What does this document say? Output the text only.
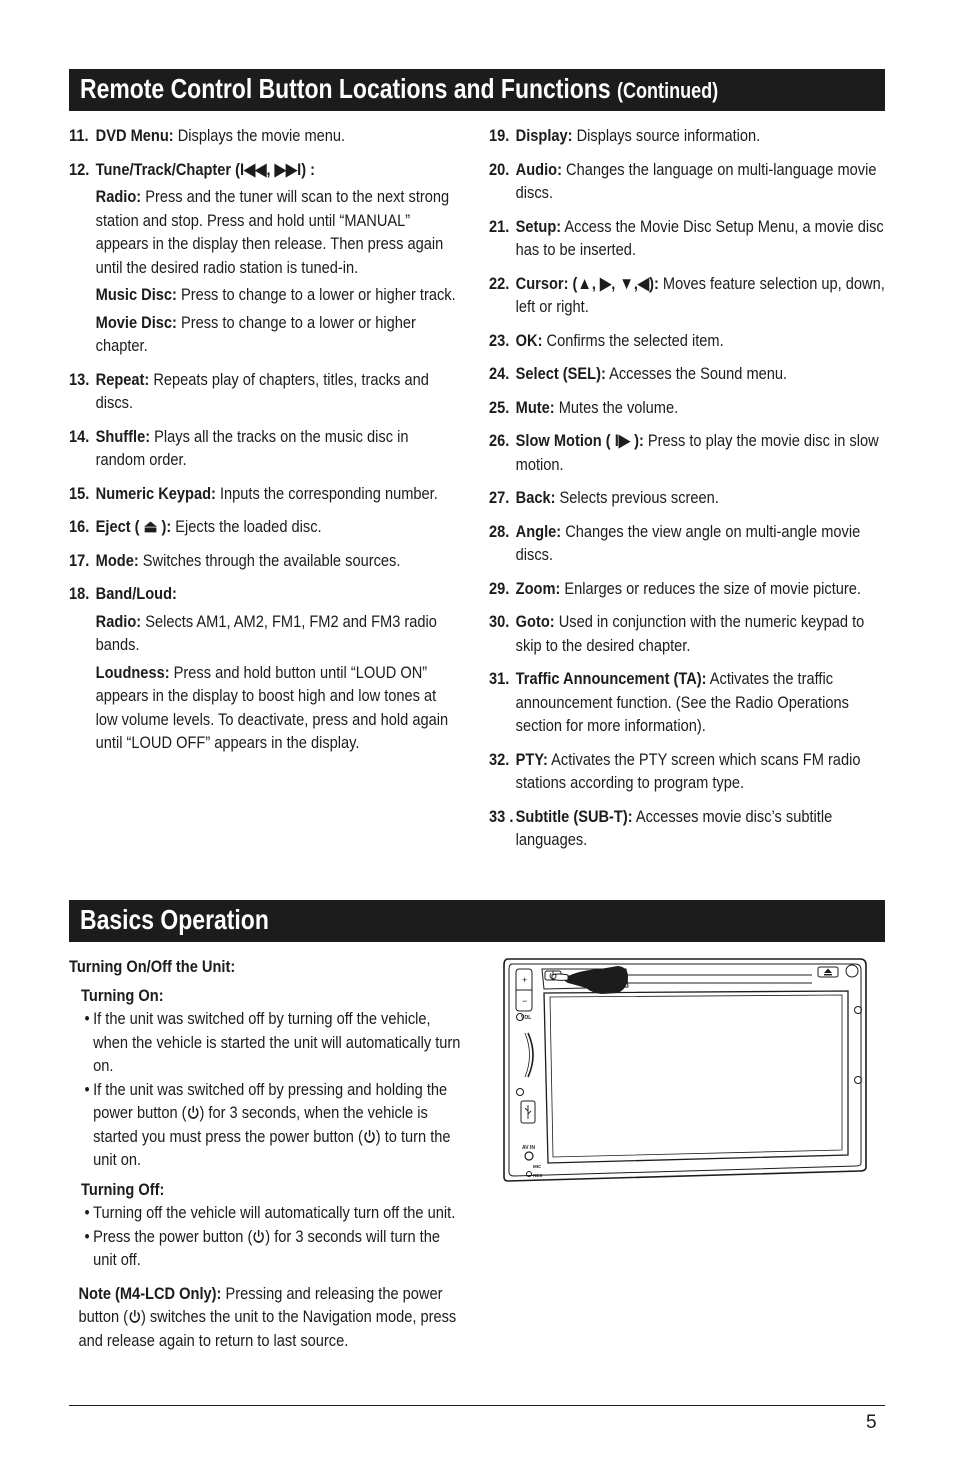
Remote Control Button Locations and Functions (Continued)
11. DVD Menu: Displays the movie menu.
12. Tune/Track/Chapter (I◀◀, ▶▶I) :
Radio: Press and the tuner will scan to the next strong station and stop. Press and hold until “MANUAL” appears in the display then release. Then press again until the desired radio station is tuned-in.
Music Disc: Press to change to a lower or higher track.
Movie Disc: Press to change to a lower or higher chapter.
13. Repeat: Repeats play of chapters, titles, tracks and discs.
14. Shuffle: Plays all the tracks on the music disc in random order.
15. Numeric Keypad: Inputs the corresponding number.
16. Eject ( ⏏ ): Ejects the loaded disc.
17. Mode: Switches through the available sources.
18. Band/Loud:
Radio: Selects AM1, AM2, FM1, FM2 and FM3 radio bands.
Loudness: Press and hold button until “LOUD ON” appears in the display to boost high and low tones at low volume levels. To deactivate, press and hold again until “LOUD OFF” appears in the display.
19. Display: Displays source information.
20. Audio: Changes the language on multi-language movie discs.
21. Setup: Access the Movie Disc Setup Menu, a movie disc has to be inserted.
22. Cursor: (▲, ▶, ▼,◀): Moves feature selection up, down, left or right.
23. OK: Confirms the selected item.
24. Select (SEL): Accesses the Sound menu.
25. Mute: Mutes the volume.
26. Slow Motion ( I▶ ): Press to play the movie disc in slow motion.
27. Back: Selects previous screen.
28. Angle: Changes the view angle on multi-angle movie discs.
29. Zoom: Enlarges or reduces the size of movie picture.
30. Goto: Used in conjunction with the numeric keypad to skip to the desired chapter.
31. Traffic Announcement (TA): Activates the traffic announcement function. (See the Radio Operations section for more information).
32. PTY: Activates the PTY screen which scans FM radio stations according to program type.
33 . Subtitle (SUB-T): Accesses movie disc’s subtitle languages.
Basics Operation
Turning On/Off the Unit:
Turning On:
• If the unit was switched off by turning off the vehicle, when the vehicle is started the unit will automatically turn on.
• If the unit was switched off by pressing and holding the power button ( ) for 3 seconds, when the vehicle is started you must press the power button ( ) to turn the unit on.
Turning Off:
• Turning off the vehicle will automatically turn off the unit.
• Press the power button ( ) for 3 seconds will turn the unit off.
Note (M4-LCD Only): Pressing and releasing the power button ( ) switches the unit to the Navigation mode, press and release again to return to last source.
+
−
VOL
AV IN
MIC
RES
5
